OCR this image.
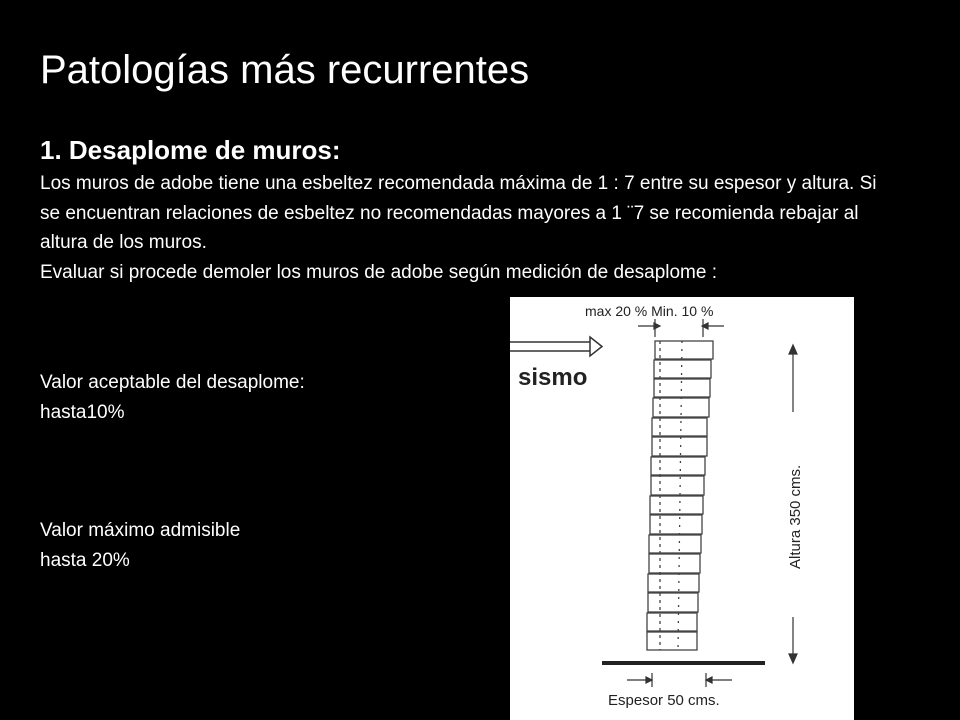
Patologías más recurrentes
1. Desaplome de muros:

Los muros de adobe tiene una esbeltez recomendada máxima de 1 : 7 entre su espesor y altura. Si se encuentran relaciones de esbeltez no recomendadas mayores a 1 ¨7 se recomienda rebajar al altura de los muros.

Evaluar si procede demoler los muros de adobe según medición de desaplome :

Valor aceptable del desaplome:
hasta10%
Valor máximo admisible
hasta 20%
max 20 % Min. 10 %
sismo
Altura 350 cms.
Espesor 50 cms.
